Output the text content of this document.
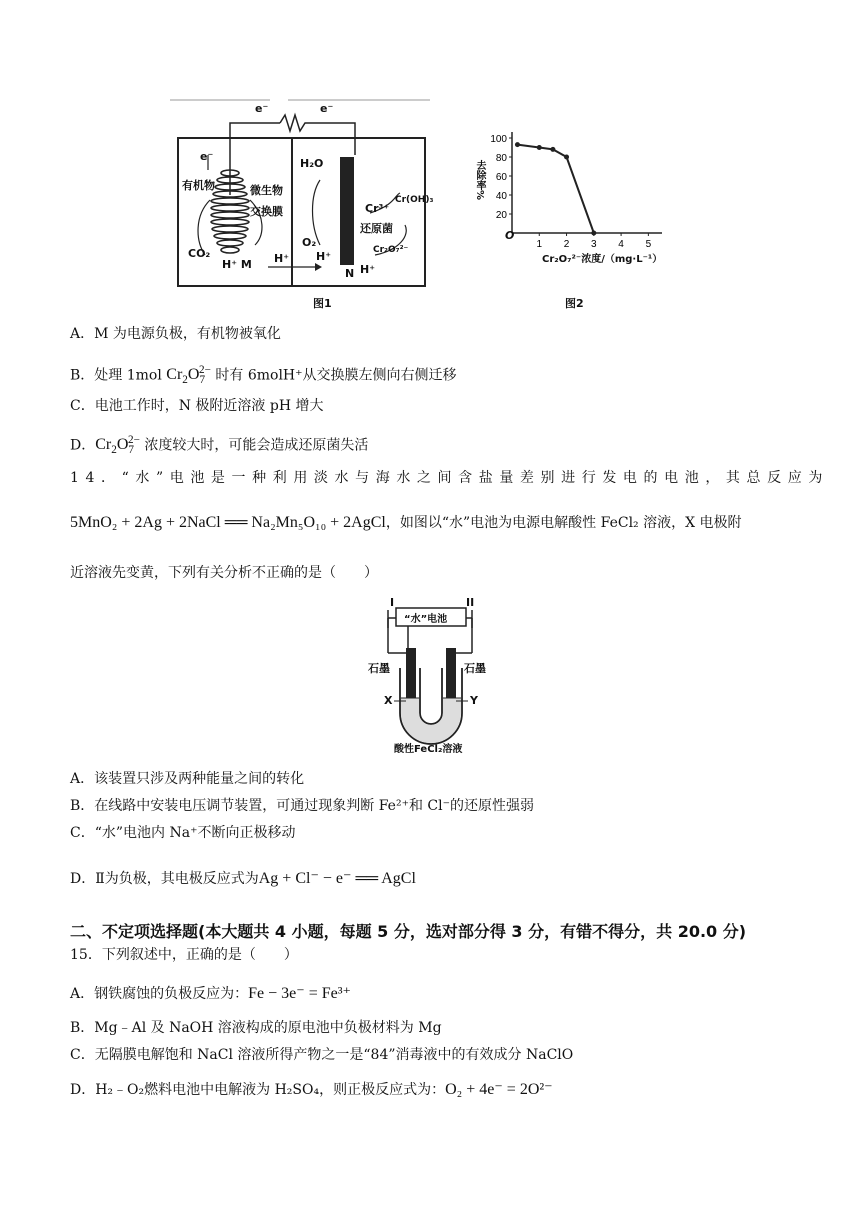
e⁻	e⁻
e⁻
有机物	微生物
交换膜
CO₂
H⁺ M H⁺
H₂O
O₂
H⁺
N
Cr³⁺
Cr(OH)₃
还原菌
Cr₂O₇²⁻
H⁺
图1
20
40
60
80
100
1 2 3 4 5
去除率%
O
Cr₂O₇²⁻浓度/（mg·L⁻¹）
图2
A．M 为电源负极，有机物被氧化
B．处理 1mol $Cr_2O_7^{2-}$ 时有 6molH⁺从交换膜左侧向右侧迁移
C．电池工作时，N 极附近溶液 pH 增大
D．$Cr_2O_7^{2-}$ 浓度较大时，可能会造成还原菌失活
14．“水”电池是一种利用淡水与海水之间含盐量差别进行发电的电池，其总反应为
5MnO₂ + 2Ag + 2NaCl ══ Na₂Mn₅O₁₀ + 2AgCl，如图以“水”电池为电源电解酸性 FeCl₂ 溶液，X 电极附
近溶液先变黄，下列有关分析不正确的是（　　）
I	II
“水”电池
石墨	石墨
X	Y
酸性FeCl₂溶液
A．该装置只涉及两种能量之间的转化
B．在线路中安装电压调节装置，可通过现象判断 Fe²⁺和 Cl⁻的还原性强弱
C．“水”电池内 Na⁺不断向正极移动
D．Ⅱ为负极，其电极反应式为Ag + Cl⁻ − e⁻ ══ AgCl
二、不定项选择题(本大题共 4 小题，每题 5 分，选对部分得 3 分，有错不得分，共 20.0 分)
15．下列叙述中，正确的是（　　）
A．钢铁腐蚀的负极反应为：Fe − 3e⁻ = Fe³⁺
B．Mg﹣Al 及 NaOH 溶液构成的原电池中负极材料为 Mg
C．无隔膜电解饱和 NaCl 溶液所得产物之一是“84”消毒液中的有效成分 NaClO
D．H₂﹣O₂燃料电池中电解液为 H₂SO₄，则正极反应式为：O₂ + 4e⁻ = 2O²⁻
